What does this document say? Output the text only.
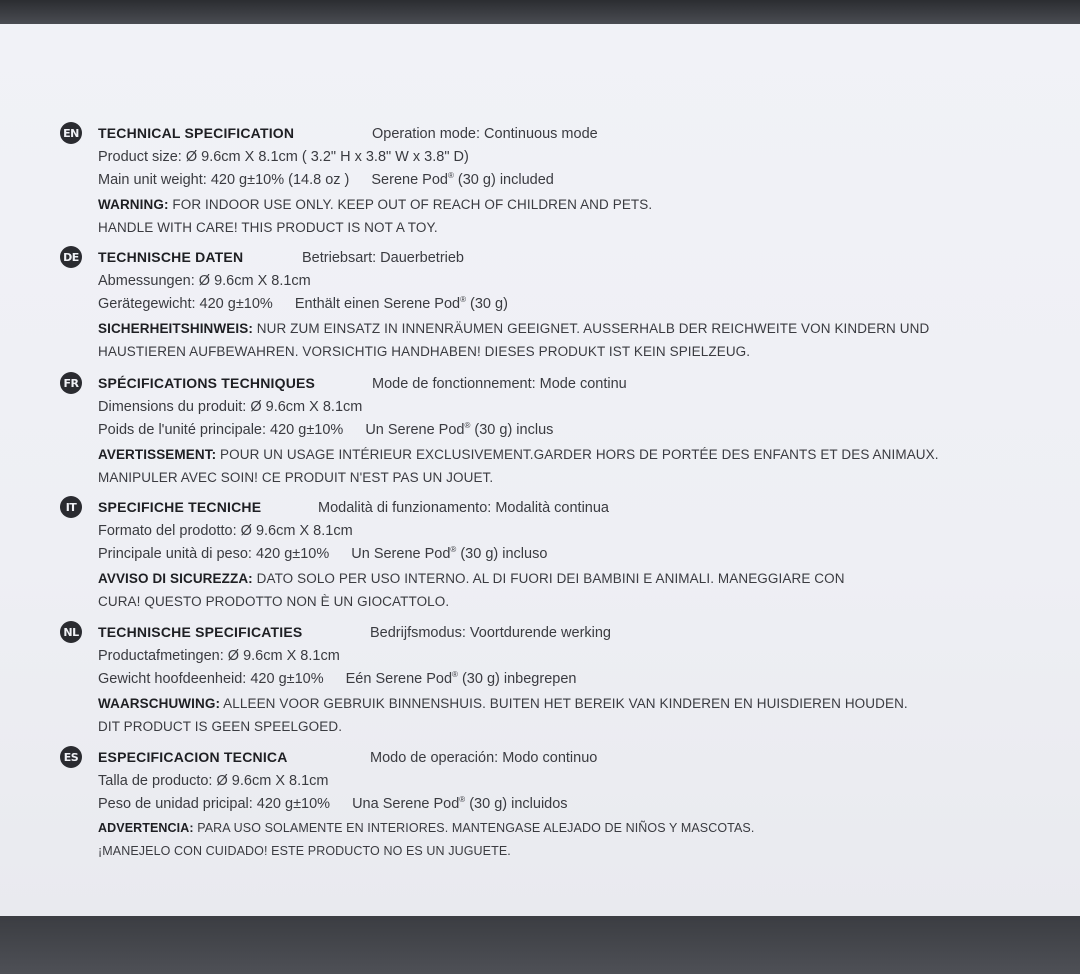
EN TECHNICAL SPECIFICATION	Operation mode: Continuous mode
Product size: Ø 9.6cm X 8.1cm ( 3.2" H x 3.8" W x 3.8" D)
Main unit weight: 420 g±10% (14.8 oz ) Serene Pod® (30 g) included
WARNING: FOR INDOOR USE ONLY. KEEP OUT OF REACH OF CHILDREN AND PETS.
HANDLE WITH CARE! THIS PRODUCT IS NOT A TOY.
DE TECHNISCHE DATEN	Betriebsart: Dauerbetrieb
Abmessungen: Ø 9.6cm X 8.1cm
Gerätegewicht: 420 g±10% Enthält einen Serene Pod® (30 g)
SICHERHEITSHINWEIS: NUR ZUM EINSATZ IN INNENRÄUMEN GEEIGNET. AUSSERHALB DER REICHWEITE VON KINDERN UND
HAUSTIEREN AUFBEWAHREN. VORSICHTIG HANDHABEN! DIESES PRODUKT IST KEIN SPIELZEUG.
FR SPÉCIFICATIONS TECHNIQUES	Mode de fonctionnement: Mode continu
Dimensions du produit: Ø 9.6cm X 8.1cm
Poids de l'unité principale: 420 g±10% Un Serene Pod® (30 g) inclus
AVERTISSEMENT: POUR UN USAGE INTÉRIEUR EXCLUSIVEMENT.GARDER HORS DE PORTÉE DES ENFANTS ET DES ANIMAUX.
MANIPULER AVEC SOIN! CE PRODUIT N'EST PAS UN JOUET.
IT	SPECIFICHE TECNICHE	Modalità di funzionamento: Modalità continua
Formato del prodotto: Ø 9.6cm X 8.1cm
Principale unità di peso: 420 g±10% Un Serene Pod® (30 g) incluso
AVVISO DI SICUREZZA: DATO SOLO PER USO INTERNO. AL DI FUORI DEI BAMBINI E ANIMALI. MANEGGIARE CON
CURA! QUESTO PRODOTTO NON È UN GIOCATTOLO.
NL TECHNISCHE SPECIFICATIES	Bedrijfsmodus: Voortdurende werking
Productafmetingen: Ø 9.6cm X 8.1cm
Gewicht hoofdeenheid: 420 g±10% Eén Serene Pod® (30 g) inbegrepen
WAARSCHUWING: ALLEEN VOOR GEBRUIK BINNENSHUIS. BUITEN HET BEREIK VAN KINDEREN EN HUISDIEREN HOUDEN.
DIT PRODUCT IS GEEN SPEELGOED.
ES ESPECIFICACION TECNICA	Modo de operación: Modo continuo
Talla de producto: Ø 9.6cm X 8.1cm
Peso de unidad pricipal: 420 g±10% Una Serene Pod® (30 g) incluidos
ADVERTENCIA: PARA USO SOLAMENTE EN INTERIORES. MANTENGASE ALEJADO DE NIÑOS Y MASCOTAS.
¡MANEJELO CON CUIDADO! ESTE PRODUCTO NO ES UN JUGUETE.
